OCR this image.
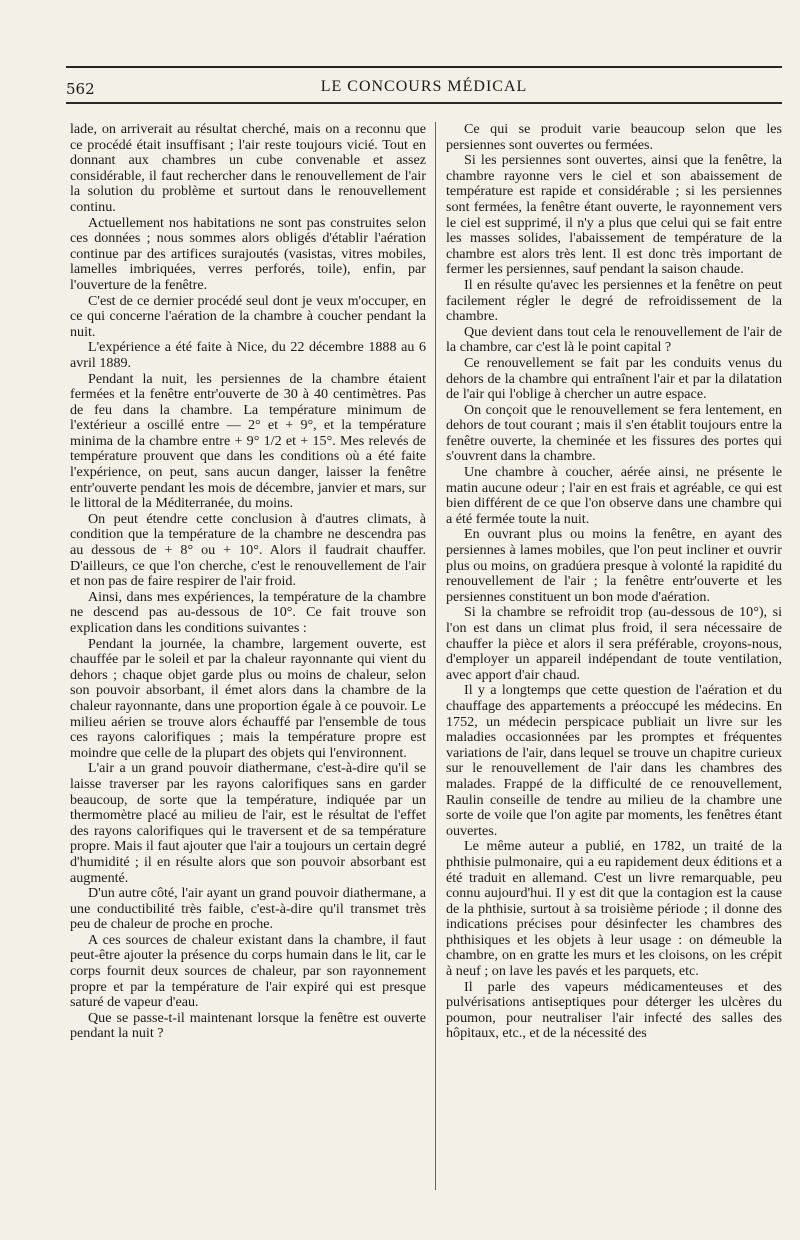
562	LE CONCOURS MÉDICAL

lade, on arriverait au résultat cherché, mais on a reconnu que ce procédé était insuffisant ; l'air reste toujours vicié. Tout en donnant aux chambres un cube convenable et assez considérable, il faut rechercher dans le renouvellement de l'air la solution du problème et surtout dans le renouvellement continu.

Actuellement nos habitations ne sont pas construites selon ces données ; nous sommes alors obligés d'établir l'aération continue par des artifices surajoutés (vasistas, vitres mobiles, lamelles imbriquées, verres perforés, toile), enfin, par l'ouverture de la fenêtre.

C'est de ce dernier procédé seul dont je veux m'occuper, en ce qui concerne l'aération de la chambre à coucher pendant la nuit.

L'expérience a été faite à Nice, du 22 décembre 1888 au 6 avril 1889.

Pendant la nuit, les persiennes de la chambre étaient fermées et la fenêtre entr'ouverte de 30 à 40 centimètres. Pas de feu dans la chambre. La température minimum de l'extérieur a oscillé entre — 2° et + 9°, et la température minima de la chambre entre + 9° 1/2 et + 15°. Mes relevés de température prouvent que dans les conditions où a été faite l'expérience, on peut, sans aucun danger, laisser la fenêtre entr'ouverte pendant les mois de décembre, janvier et mars, sur le littoral de la Méditerranée, du moins.

On peut étendre cette conclusion à d'autres climats, à condition que la température de la chambre ne descendra pas au dessous de + 8° ou + 10°. Alors il faudrait chauffer. D'ailleurs, ce que l'on cherche, c'est le renouvellement de l'air et non pas de faire respirer de l'air froid.

Ainsi, dans mes expériences, la température de la chambre ne descend pas au-dessous de 10°. Ce fait trouve son explication dans les conditions suivantes :

Pendant la journée, la chambre, largement ouverte, est chauffée par le soleil et par la chaleur rayonnante qui vient du dehors ; chaque objet garde plus ou moins de chaleur, selon son pouvoir absorbant, il émet alors dans la chambre de la chaleur rayonnante, dans une proportion égale à ce pouvoir. Le milieu aérien se trouve alors échauffé par l'ensemble de tous ces rayons calorifiques ; mais la température propre est moindre que celle de la plupart des objets qui l'environnent.

L'air a un grand pouvoir diathermane, c'est-à-dire qu'il se laisse traverser par les rayons calorifiques sans en garder beaucoup, de sorte que la température, indiquée par un thermomètre placé au milieu de l'air, est le résultat de l'effet des rayons calorifiques qui le traversent et de sa température propre. Mais il faut ajouter que l'air a toujours un certain degré d'humidité ; il en résulte alors que son pouvoir absorbant est augmenté.

D'un autre côté, l'air ayant un grand pouvoir diathermane, a une conductibilité très faible, c'est-à-dire qu'il transmet très peu de chaleur de proche en proche.

A ces sources de chaleur existant dans la chambre, il faut peut-être ajouter la présence du corps humain dans le lit, car le corps fournit deux sources de chaleur, par son rayonnement propre et par la température de l'air expiré qui est presque saturé de vapeur d'eau.

Que se passe-t-il maintenant lorsque la fenêtre est ouverte pendant la nuit ?

Ce qui se produit varie beaucoup selon que les persiennes sont ouvertes ou fermées.

Si les persiennes sont ouvertes, ainsi que la fenêtre, la chambre rayonne vers le ciel et son abaissement de température est rapide et considérable ; si les persiennes sont fermées, la fenêtre étant ouverte, le rayonnement vers le ciel est supprimé, il n'y a plus que celui qui se fait entre les masses solides, l'abaissement de température de la chambre est alors très lent. Il est donc très important de fermer les persiennes, sauf pendant la saison chaude.

Il en résulte qu'avec les persiennes et la fenêtre on peut facilement régler le degré de refroidissement de la chambre.

Que devient dans tout cela le renouvellement de l'air de la chambre, car c'est là le point capital ?

Ce renouvellement se fait par les conduits venus du dehors de la chambre qui entraînent l'air et par la dilatation de l'air qui l'oblige à chercher un autre espace.

On conçoit que le renouvellement se fera lentement, en dehors de tout courant ; mais il s'en établit toujours entre la fenêtre ouverte, la cheminée et les fissures des portes qui s'ouvrent dans la chambre.

Une chambre à coucher, aérée ainsi, ne présente le matin aucune odeur ; l'air en est frais et agréable, ce qui est bien différent de ce que l'on observe dans une chambre qui a été fermée toute la nuit.

En ouvrant plus ou moins la fenêtre, en ayant des persiennes à lames mobiles, que l'on peut incliner et ouvrir plus ou moins, on gradúera presque à volonté la rapidité du renouvellement de l'air ; la fenêtre entr'ouverte et les persiennes constituent un bon mode d'aération.

Si la chambre se refroidit trop (au-dessous de 10°), si l'on est dans un climat plus froid, il sera nécessaire de chauffer la pièce et alors il sera préférable, croyons-nous, d'employer un appareil indépendant de toute ventilation, avec apport d'air chaud.

Il y a longtemps que cette question de l'aération et du chauffage des appartements a préoccupé les médecins. En 1752, un médecin perspicace publiait un livre sur les maladies occasionnées par les promptes et fréquentes variations de l'air, dans lequel se trouve un chapitre curieux sur le renouvellement de l'air dans les chambres des malades. Frappé de la difficulté de ce renouvellement, Raulin conseille de tendre au milieu de la chambre une sorte de voile que l'on agite par moments, les fenêtres étant ouvertes.

Le même auteur a publié, en 1782, un traité de la phthisie pulmonaire, qui a eu rapidement deux éditions et a été traduit en allemand. C'est un livre remarquable, peu connu aujourd'hui. Il y est dit que la contagion est la cause de la phthisie, surtout à sa troisième période ; il donne des indications précises pour désinfecter les chambres des phthisiques et les objets à leur usage : on démeuble la chambre, on en gratte les murs et les cloisons, on les crépit à neuf ; on lave les pavés et les parquets, etc.

Il parle des vapeurs médicamenteuses et des pulvérisations antiseptiques pour déterger les ulcères du poumon, pour neutraliser l'air infecté des salles des hôpitaux, etc., et de la nécessité des
